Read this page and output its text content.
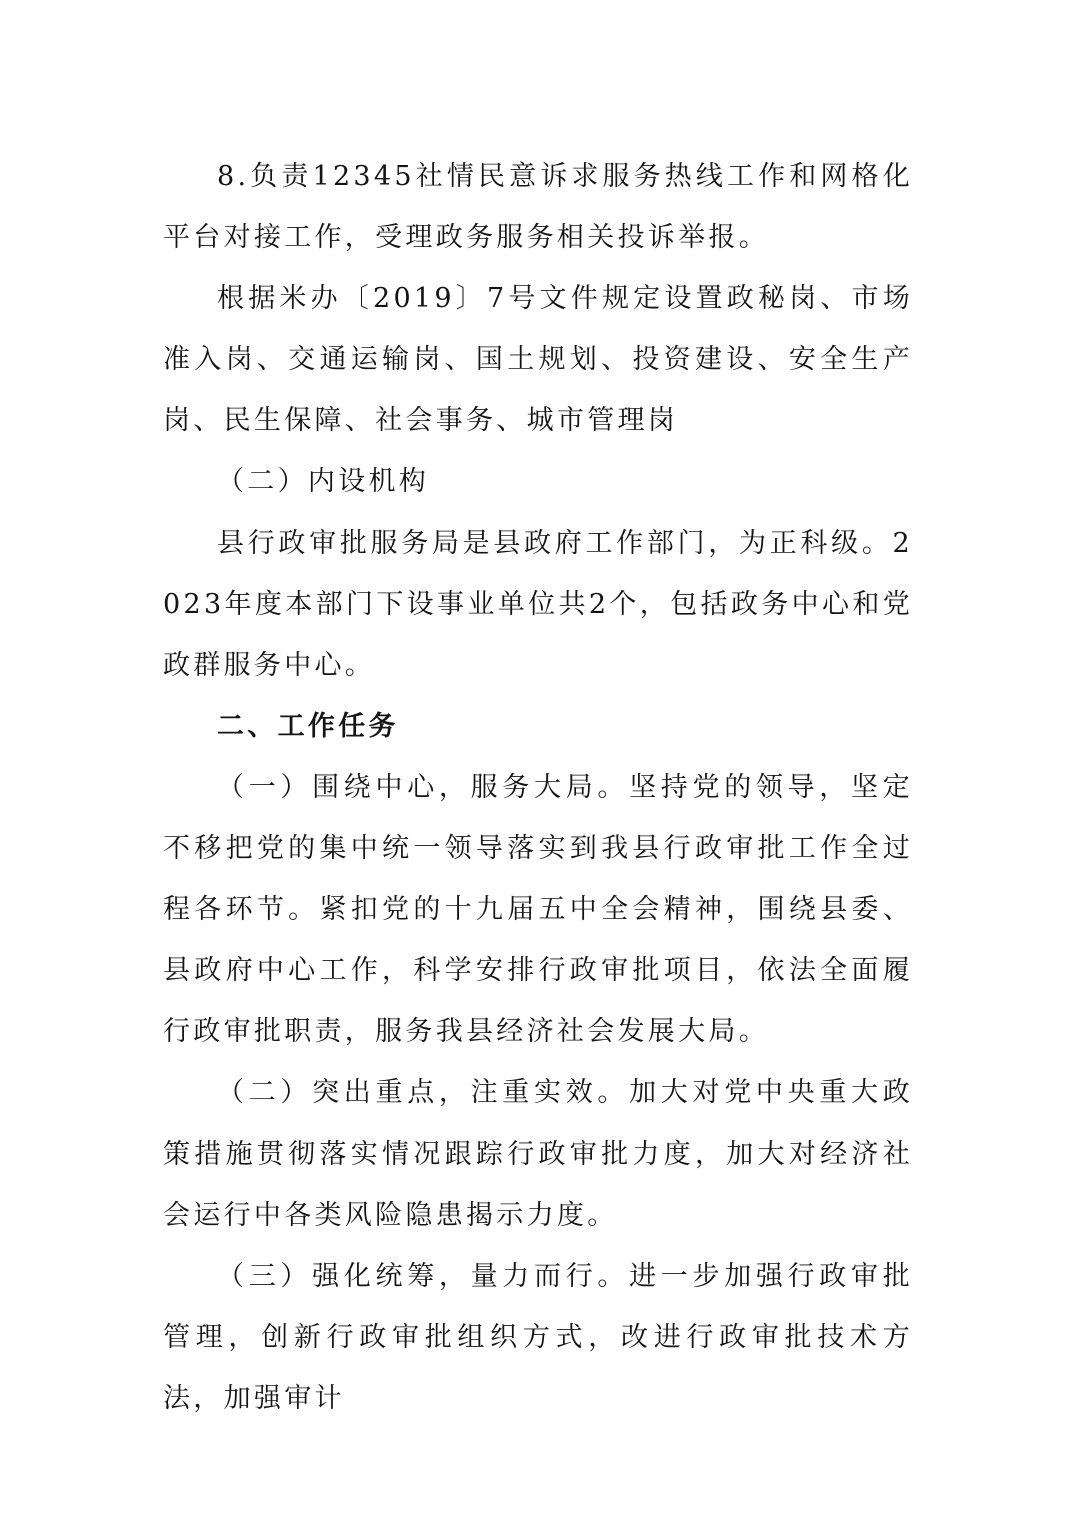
8.负责12345社情民意诉求服务热线工作和网格化平台对接工作，受理政务服务相关投诉举报。

根据米办〔2019〕7号文件规定设置政秘岗、市场准入岗、交通运输岗、国土规划、投资建设、安全生产岗、民生保障、社会事务、城市管理岗

（二）内设机构

县行政审批服务局是县政府工作部门，为正科级。2023年度本部门下设事业单位共2个，包括政务中心和党政群服务中心。

二、工作任务

（一）围绕中心，服务大局。坚持党的领导，坚定不移把党的集中统一领导落实到我县行政审批工作全过程各环节。紧扣党的十九届五中全会精神，围绕县委、县政府中心工作，科学安排行政审批项目，依法全面履行政审批职责，服务我县经济社会发展大局。

（二）突出重点，注重实效。加大对党中央重大政策措施贯彻落实情况跟踪行政审批力度，加大对经济社会运行中各类风险隐患揭示力度。

（三）强化统筹，量力而行。进一步加强行政审批管理，创新行政审批组织方式，改进行政审批技术方法，加强审计
